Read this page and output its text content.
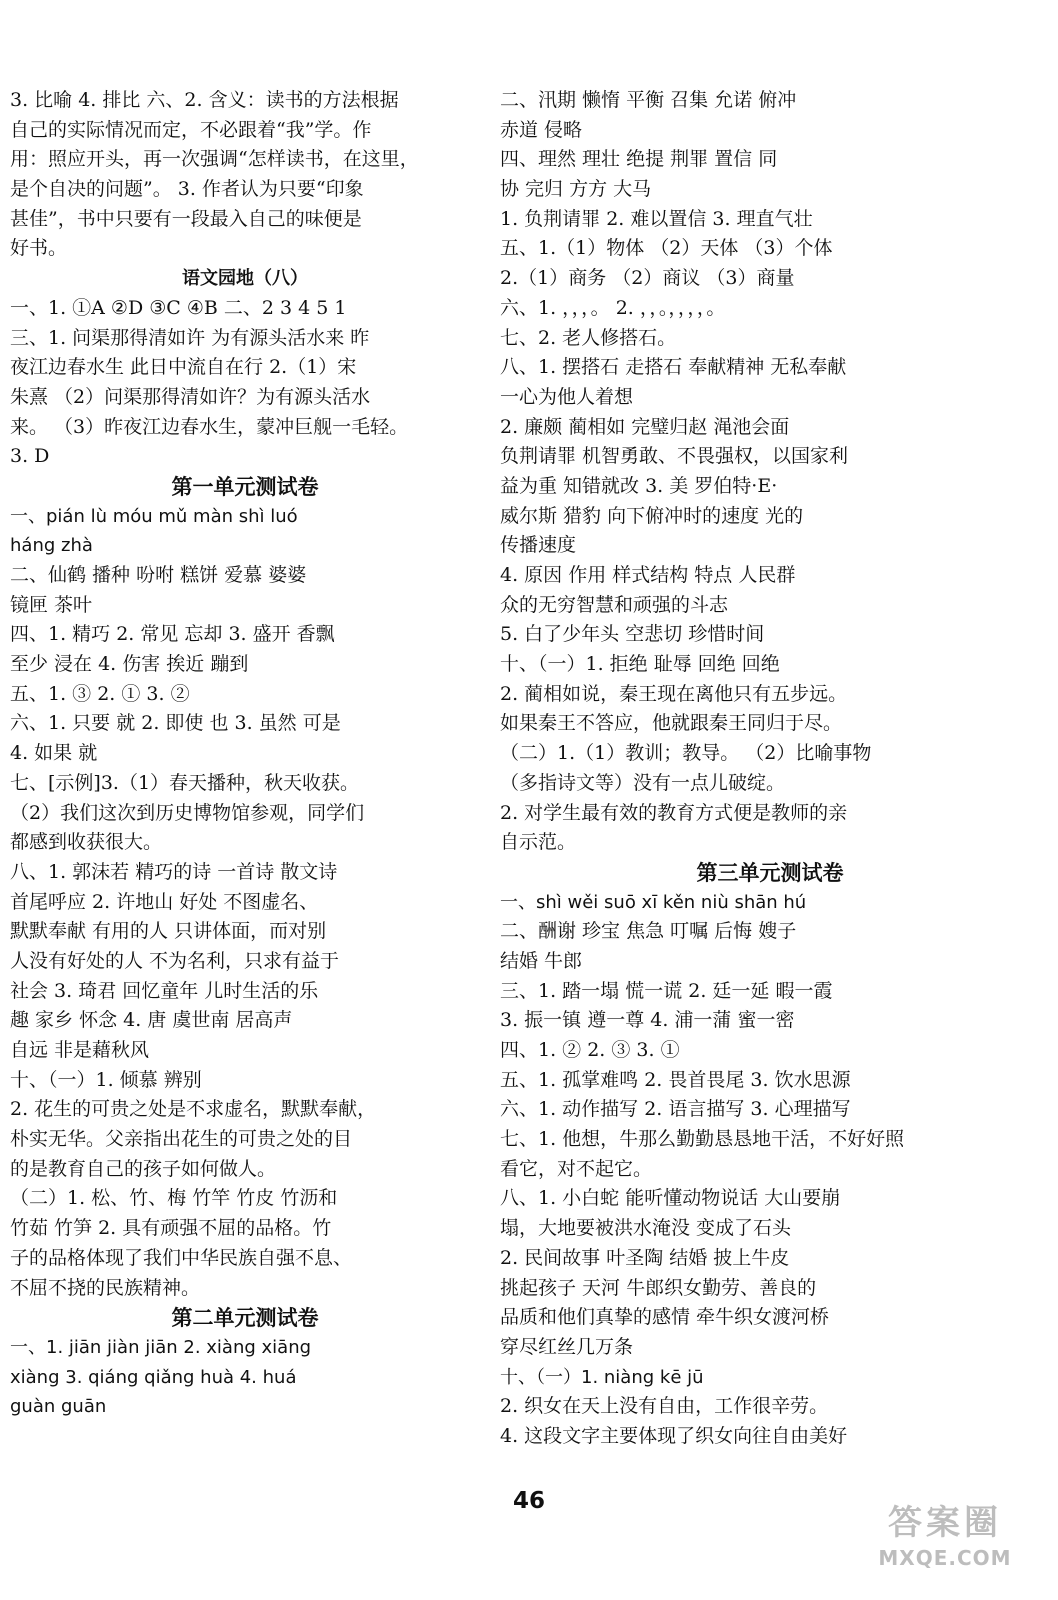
3. 比喻 4. 排比 六、2. 含义：读书的方法根据
自己的实际情况而定，不必跟着“我”学。作
用：照应开头，再一次强调“怎样读书，在这里，
是个自决的问题”。 3. 作者认为只要“印象
甚佳”，书中只要有一段最入自己的味便是
好书。
语文园地（八）
一、1. ①A ②D ③C ④B 二、2 3 4 5 1
三、1. 问渠那得清如许 为有源头活水来 昨
夜江边春水生 此日中流自在行 2.（1）宋
朱熹 （2）问渠那得清如许？为有源头活水
来。 （3）昨夜江边春水生，蒙冲巨舰一毛轻。
3. D
第一单元测试卷
一、pián lù móu mǔ màn shì luó
háng zhà
二、仙鹤 播种 吩咐 糕饼 爱慕 婆婆
镜匣 茶叶
四、1. 精巧 2. 常见 忘却 3. 盛开 香飘
至少 浸在 4. 伤害 挨近 蹦到
五、1. ③ 2. ① 3. ②
六、1. 只要 就 2. 即使 也 3. 虽然 可是
4. 如果 就
七、[示例]3.（1）春天播种，秋天收获。
（2）我们这次到历史博物馆参观，同学们
都感到收获很大。
八、1. 郭沫若 精巧的诗 一首诗 散文诗
首尾呼应 2. 许地山 好处 不图虚名、
默默奉献 有用的人 只讲体面，而对别
人没有好处的人 不为名利，只求有益于
社会 3. 琦君 回忆童年 儿时生活的乐
趣 家乡 怀念 4. 唐 虞世南 居高声
自远 非是藉秋风
十、（一）1. 倾慕 辨别
2. 花生的可贵之处是不求虚名，默默奉献，
朴实无华。父亲指出花生的可贵之处的目
的是教育自己的孩子如何做人。
（二）1. 松、竹、梅 竹竿 竹皮 竹沥和
竹茹 竹笋 2. 具有顽强不屈的品格。竹
子的品格体现了我们中华民族自强不息、
不屈不挠的民族精神。
第二单元测试卷
一、1. jiān jiàn jiān 2. xiàng xiāng
xiàng 3. qiáng qiǎng huà 4. huá
guàn guān
二、汛期 懒惰 平衡 召集 允诺 俯冲
赤道 侵略
四、理然 理壮 绝提 荆罪 置信 同
协 完归 方方 大马
1. 负荆请罪 2. 难以置信 3. 理直气壮
五、1.（1）物体 （2）天体 （3）个体
2.（1）商务 （2）商议 （3）商量
六、1. ，，，。 2. ，，。，，，，。
七、2. 老人修搭石。
八、1. 摆搭石 走搭石 奉献精神 无私奉献
一心为他人着想
2. 廉颇 蔺相如 完璧归赵 渑池会面
负荆请罪 机智勇敢、不畏强权，以国家利
益为重 知错就改 3. 美 罗伯特·E·
威尔斯 猎豹 向下俯冲时的速度 光的
传播速度
4. 原因 作用 样式结构 特点 人民群
众的无穷智慧和顽强的斗志
5. 白了少年头 空悲切 珍惜时间
十、（一）1. 拒绝 耻辱 回绝 回绝
2. 蔺相如说，秦王现在离他只有五步远。
如果秦王不答应，他就跟秦王同归于尽。
（二）1.（1）教训；教导。 （2）比喻事物
（多指诗文等）没有一点儿破绽。
2. 对学生最有效的教育方式便是教师的亲
自示范。
第三单元测试卷
一、shì wěi suō xī kěn niù shān hú
二、酬谢 珍宝 焦急 叮嘱 后悔 嫂子
结婚 牛郎
三、1. 踏一塌 慌一谎 2. 廷一延 暇一霞
3. 振一镇 遵一尊 4. 浦一蒲 蜜一密
四、1. ② 2. ③ 3. ①
五、1. 孤掌难鸣 2. 畏首畏尾 3. 饮水思源
六、1. 动作描写 2. 语言描写 3. 心理描写
七、1. 他想，牛那么勤勤恳恳地干活，不好好照
看它，对不起它。
八、1. 小白蛇 能听懂动物说话 大山要崩
塌，大地要被洪水淹没 变成了石头
2. 民间故事 叶圣陶 结婚 披上牛皮
挑起孩子 天河 牛郎织女勤劳、善良的
品质和他们真挚的感情 牵牛织女渡河桥
穿尽红丝几万条
十、（一）1. niàng kē jū
2. 织女在天上没有自由，工作很辛劳。
4. 这段文字主要体现了织女向往自由美好
46
答案圈
MXQE.COM
